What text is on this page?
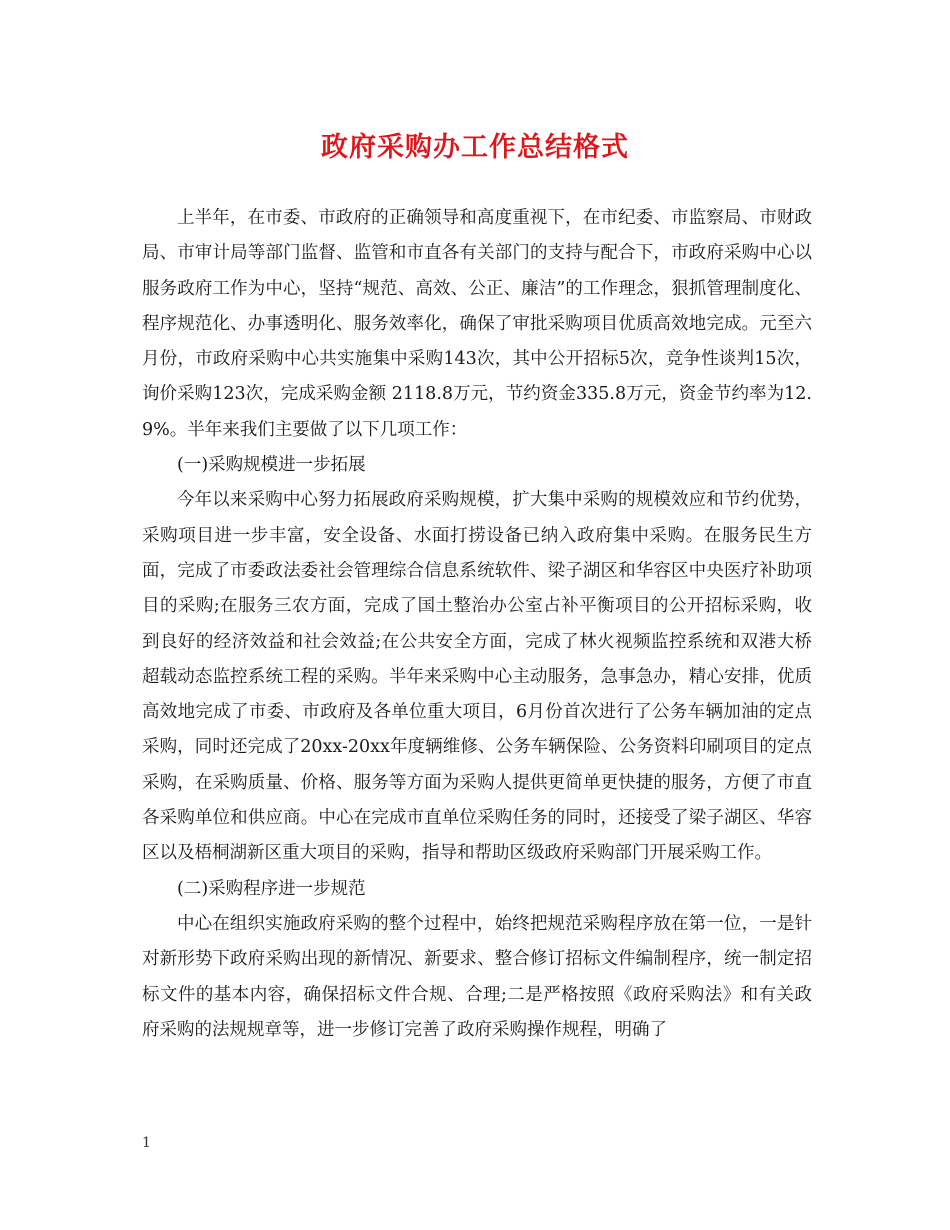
政府采购办工作总结格式

上半年，在市委、市政府的正确领导和高度重视下，在市纪委、市监察局、市财政局、市审计局等部门监督、监管和市直各有关部门的支持与配合下，市政府采购中心以服务政府工作为中心，坚持“规范、高效、公正、廉洁”的工作理念，狠抓管理制度化、程序规范化、办事透明化、服务效率化，确保了审批采购项目优质高效地完成。元至六月份，市政府采购中心共实施集中采购143次，其中公开招标5次，竞争性谈判15次，询价采购123次，完成采购金额 2118.8万元，节约资金335.8万元，资金节约率为12.9%。半年来我们主要做了以下几项工作：

(一)采购规模进一步拓展

今年以来采购中心努力拓展政府采购规模，扩大集中采购的规模效应和节约优势，采购项目进一步丰富，安全设备、水面打捞设备已纳入政府集中采购。在服务民生方面，完成了市委政法委社会管理综合信息系统软件、梁子湖区和华容区中央医疗补助项目的采购;在服务三农方面，完成了国土整治办公室占补平衡项目的公开招标采购，收到良好的经济效益和社会效益;在公共安全方面，完成了林火视频监控系统和双港大桥超载动态监控系统工程的采购。半年来采购中心主动服务，急事急办，精心安排，优质高效地完成了市委、市政府及各单位重大项目，6月份首次进行了公务车辆加油的定点采购，同时还完成了20xx-20xx年度辆维修、公务车辆保险、公务资料印刷项目的定点采购，在采购质量、价格、服务等方面为采购人提供更简单更快捷的服务，方便了市直各采购单位和供应商。中心在完成市直单位采购任务的同时，还接受了梁子湖区、华容区以及梧桐湖新区重大项目的采购，指导和帮助区级政府采购部门开展采购工作。

(二)采购程序进一步规范

中心在组织实施政府采购的整个过程中，始终把规范采购程序放在第一位，一是针对新形势下政府采购出现的新情况、新要求、整合修订招标文件编制程序，统一制定招标文件的基本内容，确保招标文件合规、合理;二是严格按照《政府采购法》和有关政府采购的法规规章等，进一步修订完善了政府采购操作规程，明确了

1
